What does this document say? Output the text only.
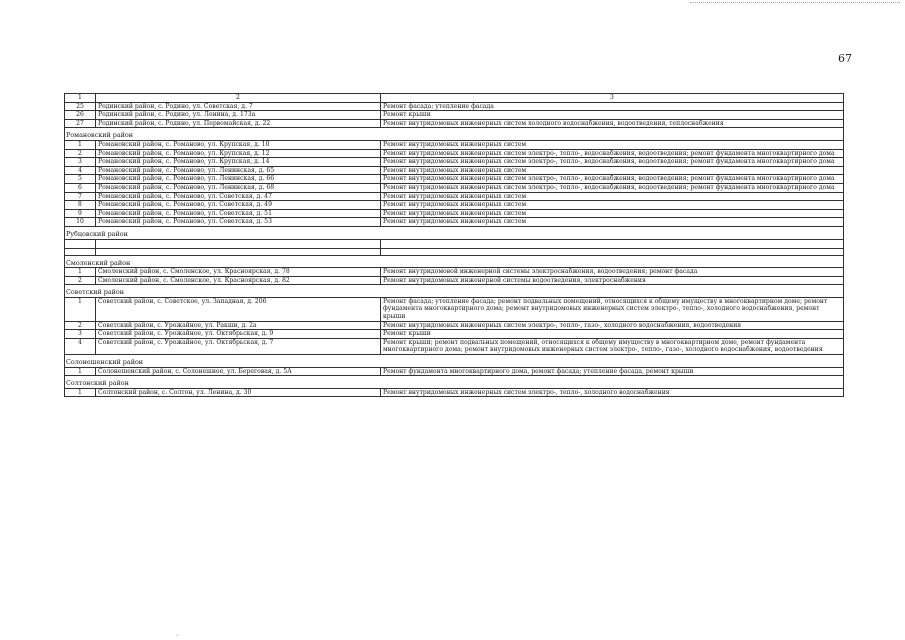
67
1	2	3
25	Родинский район, с. Родино, ул. Советская, д. 7	Ремонт фасада; утепление фасада
26	Родинский район, с. Родино, ул. Ленина, д. 173а	Ремонт крыши
27	Родинский район, с. Родино, ул. Первомайская, д. 22	Ремонт внутридомовых инженерных систем холодного водоснабжения, водоотведения, теплоснабжения
Романовский район		
1	Романовский район, с. Романово, ул. Крупская, д. 10	Ремонт внутридомовых инженерных систем
2	Романовский район, с. Романово, ул. Крупская, д. 12	Ремонт внутридомовых инженерных систем электро-, тепло-, водоснабжения, водоотведения; ремонт фундамента многоквартирного дома
3	Романовский район, с. Романово, ул. Крупская, д. 14	Ремонт внутридомовых инженерных систем электро-, тепло-, водоснабжения, водоотведения; ремонт фундамента многоквартирного дома
4	Романовский район, с. Романово, ул. Ленинская, д. 65	Ремонт внутридомовых инженерных систем
5	Романовский район, с. Романово, ул. Ленинская, д. 66	Ремонт внутридомовых инженерных систем электро-, тепло-, водоснабжения, водоотведения; ремонт фундамента многоквартирного дома
6	Романовский район, с. Романово, ул. Ленинская, д. 68	Ремонт внутридомовых инженерных систем электро-, тепло-, водоснабжения, водоотведения; ремонт фундамента многоквартирного дома
7	Романовский район, с. Романово, ул. Советская, д. 47	Ремонт внутридомовых инженерных систем
8	Романовский район, с. Романово, ул. Советская, д. 49	Ремонт внутридомовых инженерных систем
9	Романовский район, с. Романово, ул. Советская, д. 51	Ремонт внутридомовых инженерных систем
10	Романовский район, с. Романово, ул. Советская, д. 53	Ремонт внутридомовых инженерных систем
Рубцовский район		

Смоленский район		
1	Смоленский район, с. Смоленское, ул. Красноярская, д. 78	Ремонт внутридомовой инженерной системы электроснабжения, водоотведения; ремонт фасада
2	Смоленский район, с. Смоленское, ул. Красноярская, д. 82	Ремонт внутридомовых инженерной системы водоотведения, электроснабжения
Советский район		
1	Советский район, с. Советское, ул. Западная, д. 206	Ремонт фасада; утепление фасада; ремонт подвальных помещений, относящихся к общему имуществу в многоквартирном доме; ремонт фундамента многоквартирного дома; ремонт внутридомовых инженерных систем электро-, тепло-, холодного водоснабжения, ремонт крыши
2	Советский район, с. Урожайное, ул. Ракши, д. 2а	Ремонт внутридомовых инженерных систем электро-, тепло-, газо-, холодного водоснабжения, водоотведения
3	Советский район, с. Урожайное, ул. Октябрьская, д. 9	Ремонт крыши
4	Советский район, с. Урожайное, ул. Октябрьская, д. 7	Ремонт крыши; ремонт подвальных помещений, относящихся к общему имуществу в многоквартирном доме, ремонт фундамента многоквартирного дома; ремонт внутридомовых инженерных систем электро-, тепло-, газо-, холодного водоснабжения, водоотведения
Солонешенский район		
1	Солонешенский район, с. Солонешное, ул. Береговая, д. 5А	Ремонт фундамента многоквартирного дома, ремонт фасада; утепление фасада, ремонт крыши
Солтонский район		
1	Солтонский район, с. Солтон, ул. Ленина, д. 30	Ремонт внутридомовых инженерных систем электро-, тепло-, холодного водоснабжения
''
